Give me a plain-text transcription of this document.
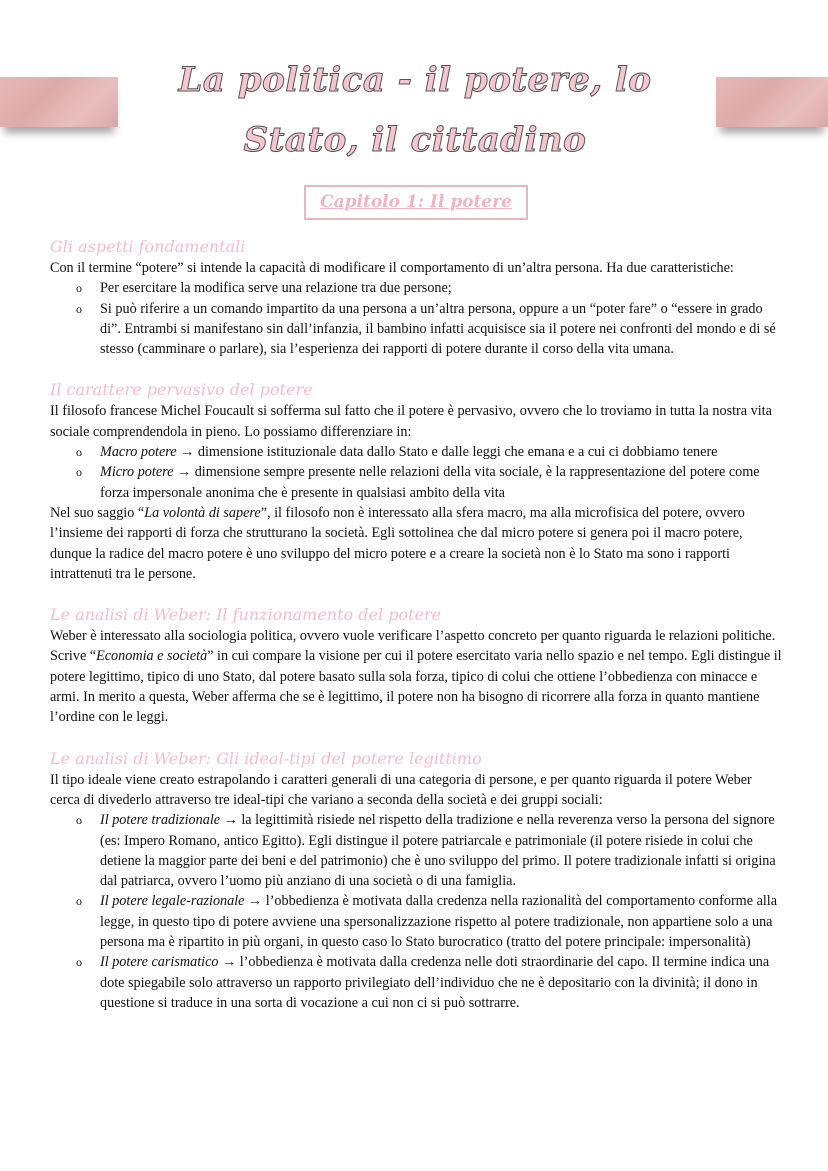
La politica - il potere, lo Stato, il cittadino
Capitolo 1: Il potere
Gli aspetti fondamentali

Con il termine “potere” si intende la capacità di modificare il comportamento di un’altra persona. Ha due caratteristiche:

o Per esercitare la modifica serve una relazione tra due persone;
o Si può riferire a un comando impartito da una persona a un’altra persona, oppure a un “poter fare” o “essere in grado di”. Entrambi si manifestano sin dall’infanzia, il bambino infatti acquisisce sia il potere nei confronti del mondo e di sé stesso (camminare o parlare), sia l’esperienza dei rapporti di potere durante il corso della vita umana.
Il carattere pervasivo del potere

Il filosofo francese Michel Foucault si sofferma sul fatto che il potere è pervasivo, ovvero che lo troviamo in tutta la nostra vita sociale comprendendola in pieno. Lo possiamo differenziare in:

o Macro potere → dimensione istituzionale data dallo Stato e dalle leggi che emana e a cui ci dobbiamo tenere
o Micro potere → dimensione sempre presente nelle relazioni della vita sociale, è la rappresentazione del potere come forza impersonale anonima che è presente in qualsiasi ambito della vita

Nel suo saggio “La volontà di sapere”, il filosofo non è interessato alla sfera macro, ma alla microfisica del potere, ovvero l’insieme dei rapporti di forza che strutturano la società. Egli sottolinea che dal micro potere si genera poi il macro potere, dunque la radice del macro potere è uno sviluppo del micro potere e a creare la società non è lo Stato ma sono i rapporti intrattenuti tra le persone.

Le analisi di Weber: Il funzionamento del potere

Weber è interessato alla sociologia politica, ovvero vuole verificare l’aspetto concreto per quanto riguarda le relazioni politiche. Scrive “Economia e società” in cui compare la visione per cui il potere esercitato varia nello spazio e nel tempo. Egli distingue il potere legittimo, tipico di uno Stato, dal potere basato sulla sola forza, tipico di colui che ottiene l’obbedienza con minacce e armi. In merito a questa, Weber afferma che se è legittimo, il potere non ha bisogno di ricorrere alla forza in quanto mantiene l’ordine con le leggi.

Le analisi di Weber: Gli ideal-tipi del potere legittimo

Il tipo ideale viene creato estrapolando i caratteri generali di una categoria di persone, e per quanto riguarda il potere Weber cerca di divederlo attraverso tre ideal-tipi che variano a seconda della società e dei gruppi sociali:

o Il potere tradizionale → la legittimità risiede nel rispetto della tradizione e nella reverenza verso la persona del signore (es: Impero Romano, antico Egitto). Egli distingue il potere patriarcale e patrimoniale (il potere risiede in colui che detiene la maggior parte dei beni e del patrimonio) che è uno sviluppo del primo. Il potere tradizionale infatti si origina dal patriarca, ovvero l’uomo più anziano di una società o di una famiglia.
o Il potere legale-razionale → l’obbedienza è motivata dalla credenza nella razionalità del comportamento conforme alla legge, in questo tipo di potere avviene una spersonalizzazione rispetto al potere tradizionale, non appartiene solo a una persona ma è ripartito in più organi, in questo caso lo Stato burocratico (tratto del potere principale: impersonalità)
o Il potere carismatico → l’obbedienza è motivata dalla credenza nelle doti straordinarie del capo. Il termine indica una dote spiegabile solo attraverso un rapporto privilegiato dell’individuo che ne è depositario con la divinità; il dono in questione si traduce in una sorta di vocazione a cui non ci si può sottrarre.
